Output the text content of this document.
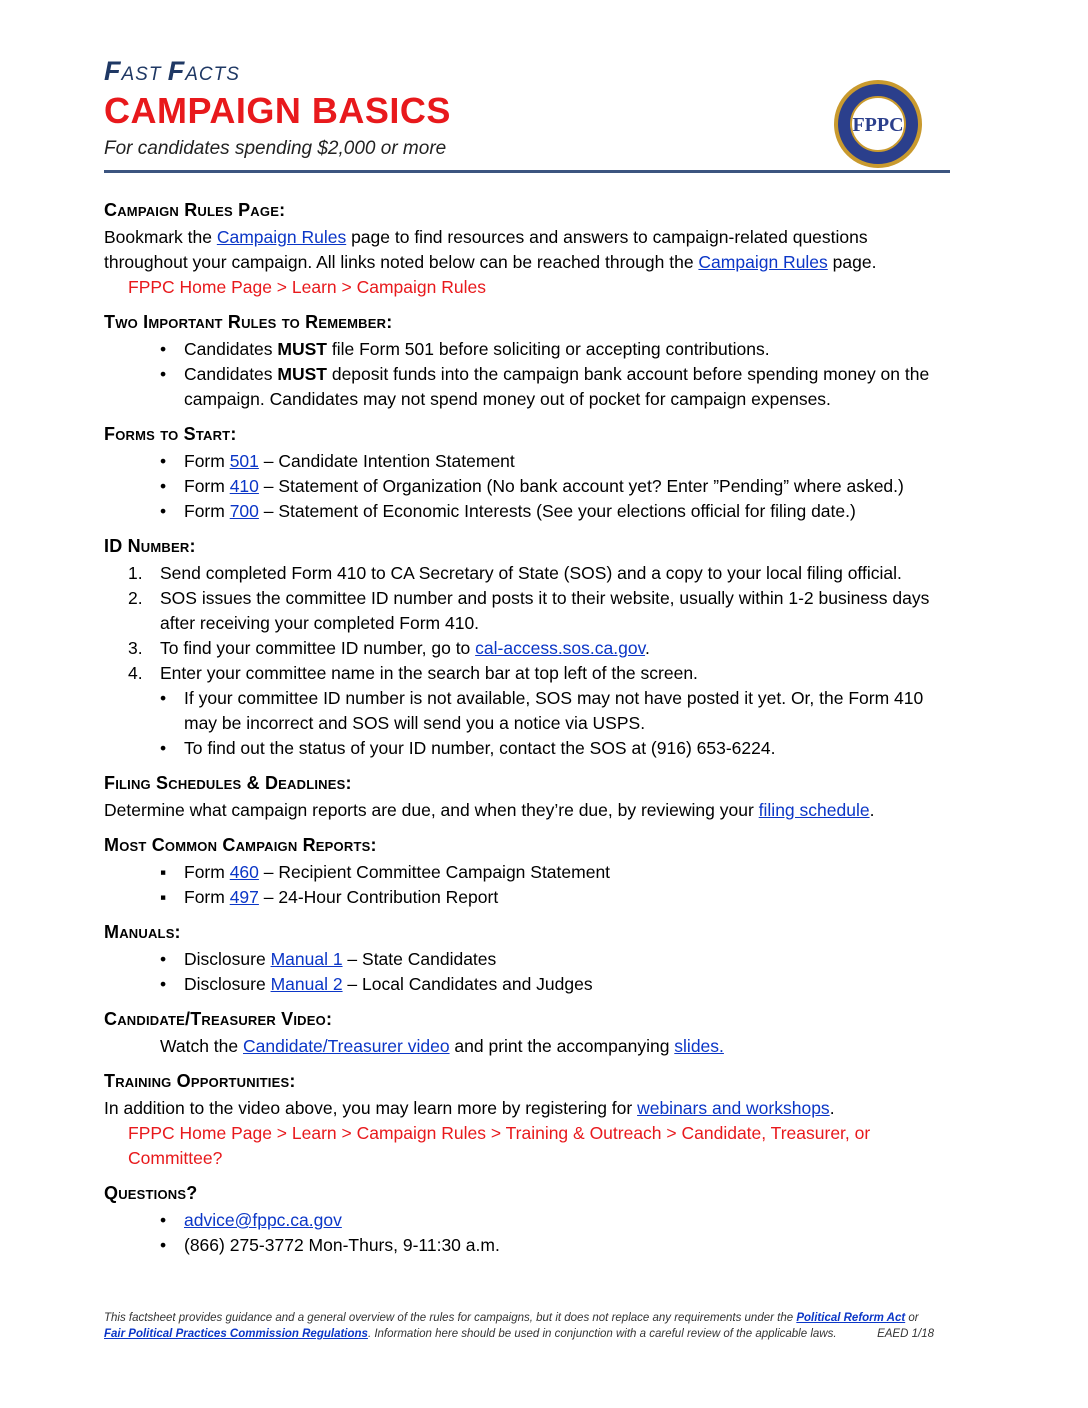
FAST FACTS
CAMPAIGN BASICS
For candidates spending $2,000 or more
FPPC
Campaign Rules Page:

Bookmark the Campaign Rules page to find resources and answers to campaign-related questions throughout your campaign. All links noted below can be reached through the Campaign Rules page.

FPPC Home Page > Learn > Campaign Rules

Two Important Rules to Remember:
• Candidates MUST file Form 501 before soliciting or accepting contributions.
• Candidates MUST deposit funds into the campaign bank account before spending money on the campaign. Candidates may not spend money out of pocket for campaign expenses.
Forms to Start:
• Form 501 – Candidate Intention Statement
• Form 410 – Statement of Organization (No bank account yet? Enter ”Pending” where asked.)
• Form 700 – Statement of Economic Interests (See your elections official for filing date.)
ID Number:
1. Send completed Form 410 to CA Secretary of State (SOS) and a copy to your local filing official.
2. SOS issues the committee ID number and posts it to their website, usually within 1-2 business days after receiving your completed Form 410.
3. To find your committee ID number, go to cal-access.sos.ca.gov.
4. Enter your committee name in the search bar at top left of the screen.
• If your committee ID number is not available, SOS may not have posted it yet. Or, the Form 410 may be incorrect and SOS will send you a notice via USPS.
• To find out the status of your ID number, contact the SOS at (916) 653-6224.
Filing Schedules & Deadlines:

Determine what campaign reports are due, and when they’re due, by reviewing your filing schedule.

Most Common Campaign Reports:
▪ Form 460 – Recipient Committee Campaign Statement
▪ Form 497 – 24-Hour Contribution Report
Manuals:
• Disclosure Manual 1 – State Candidates
• Disclosure Manual 2 – Local Candidates and Judges
Candidate/Treasurer Video:

Watch the Candidate/Treasurer video and print the accompanying slides.

Training Opportunities:

In addition to the video above, you may learn more by registering for webinars and workshops.

FPPC Home Page > Learn > Campaign Rules > Training & Outreach > Candidate, Treasurer, or Committee?

Questions?
• advice@fppc.ca.gov
• (866) 275-3772 Mon-Thurs, 9-11:30 a.m.
This factsheet provides guidance and a general overview of the rules for campaigns, but it does not replace any requirements under the Political Reform Act or Fair Political Practices Commission Regulations. Information here should be used in conjunction with a careful review of the applicable laws.	EAED 1/18
